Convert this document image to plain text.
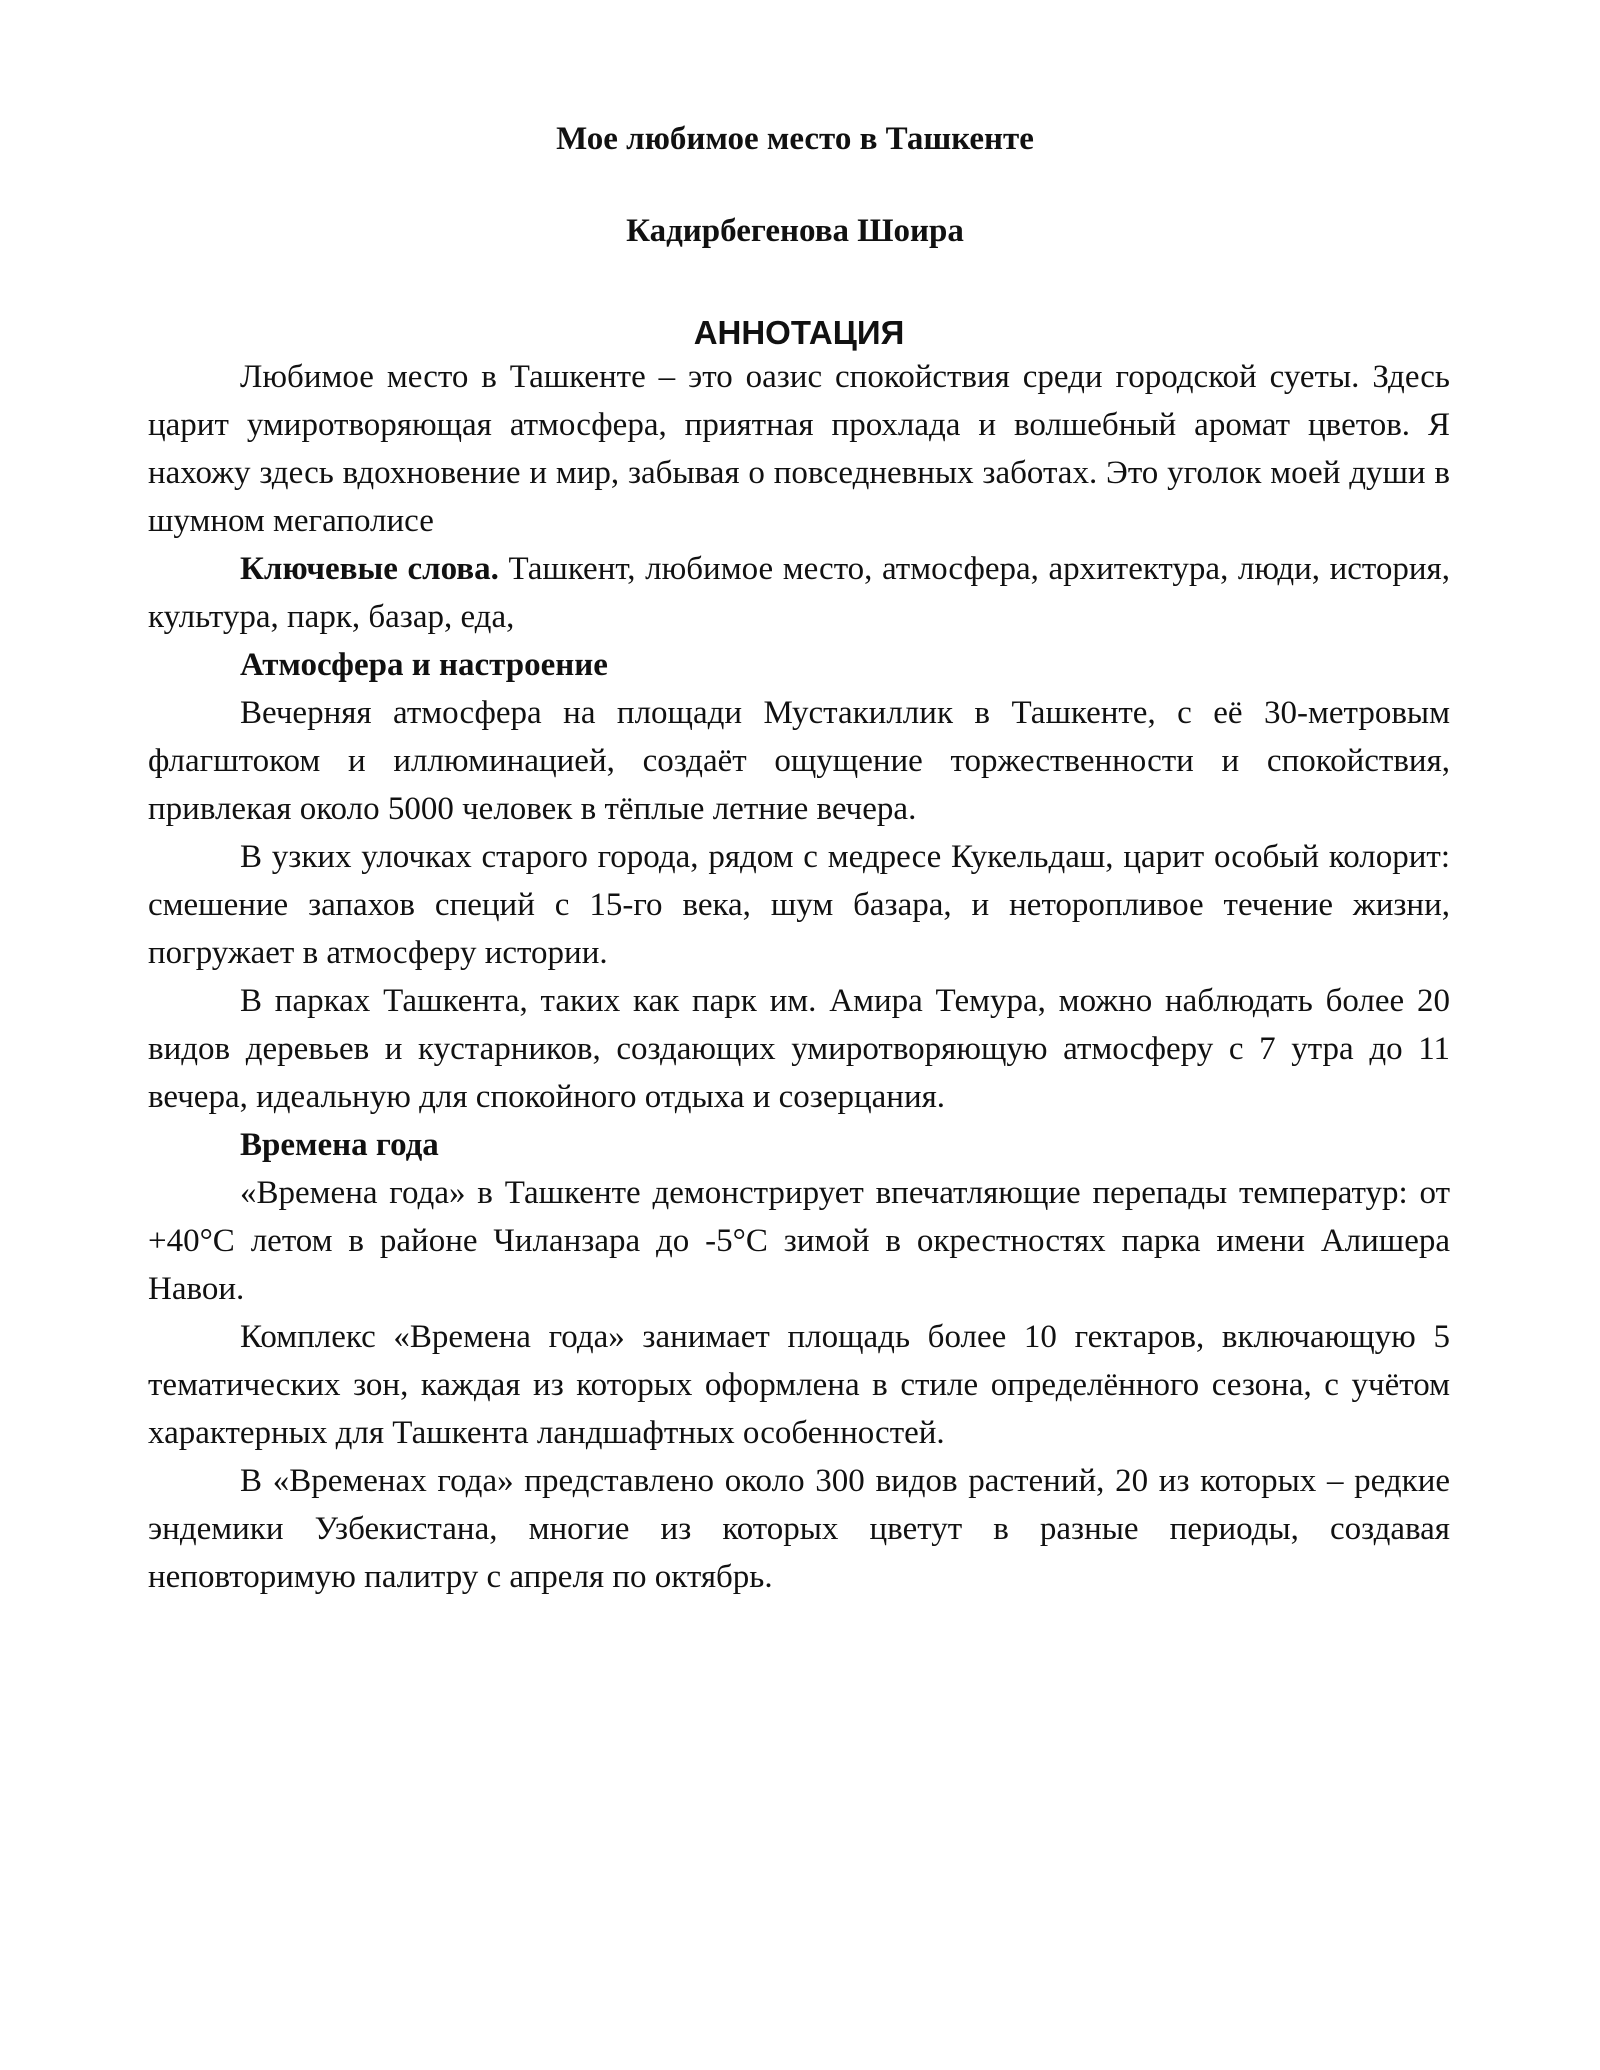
Мое любимое место в Ташкенте
Кадирбегенова Шоира
АННОТАЦИЯ

Любимое место в Ташкенте – это оазис спокойствия среди городской суеты. Здесь царит умиротворяющая атмосфера, приятная прохлада и волшебный аромат цветов. Я нахожу здесь вдохновение и мир, забывая о повседневных заботах. Это уголок моей души в шумном мегаполисе

Ключевые слова. Ташкент, любимое место, атмосфера, архитектура, люди, история, культура, парк, базар, еда,

Атмосфера и настроение

Вечерняя атмосфера на площади Мустакиллик в Ташкенте, с её 30-метровым флагштоком и иллюминацией, создаёт ощущение торжественности и спокойствия, привлекая около 5000 человек в тёплые летние вечера.

В узких улочках старого города, рядом с медресе Кукельдаш, царит особый колорит: смешение запахов специй с 15-го века, шум базара, и неторопливое течение жизни, погружает в атмосферу истории.

В парках Ташкента, таких как парк им. Амира Темура, можно наблюдать более 20 видов деревьев и кустарников, создающих умиротворяющую атмосферу с 7 утра до 11 вечера, идеальную для спокойного отдыха и созерцания.

Времена года

«Времена года» в Ташкенте демонстрирует впечатляющие перепады температур: от +40°С летом в районе Чиланзара до -5°С зимой в окрестностях парка имени Алишера Навои.

Комплекс «Времена года» занимает площадь более 10 гектаров, включающую 5 тематических зон, каждая из которых оформлена в стиле определённого сезона, с учётом характерных для Ташкента ландшафтных особенностей.

В «Временах года» представлено около 300 видов растений, 20 из которых – редкие эндемики Узбекистана, многие из которых цветут в разные периоды, создавая неповторимую палитру с апреля по октябрь.
